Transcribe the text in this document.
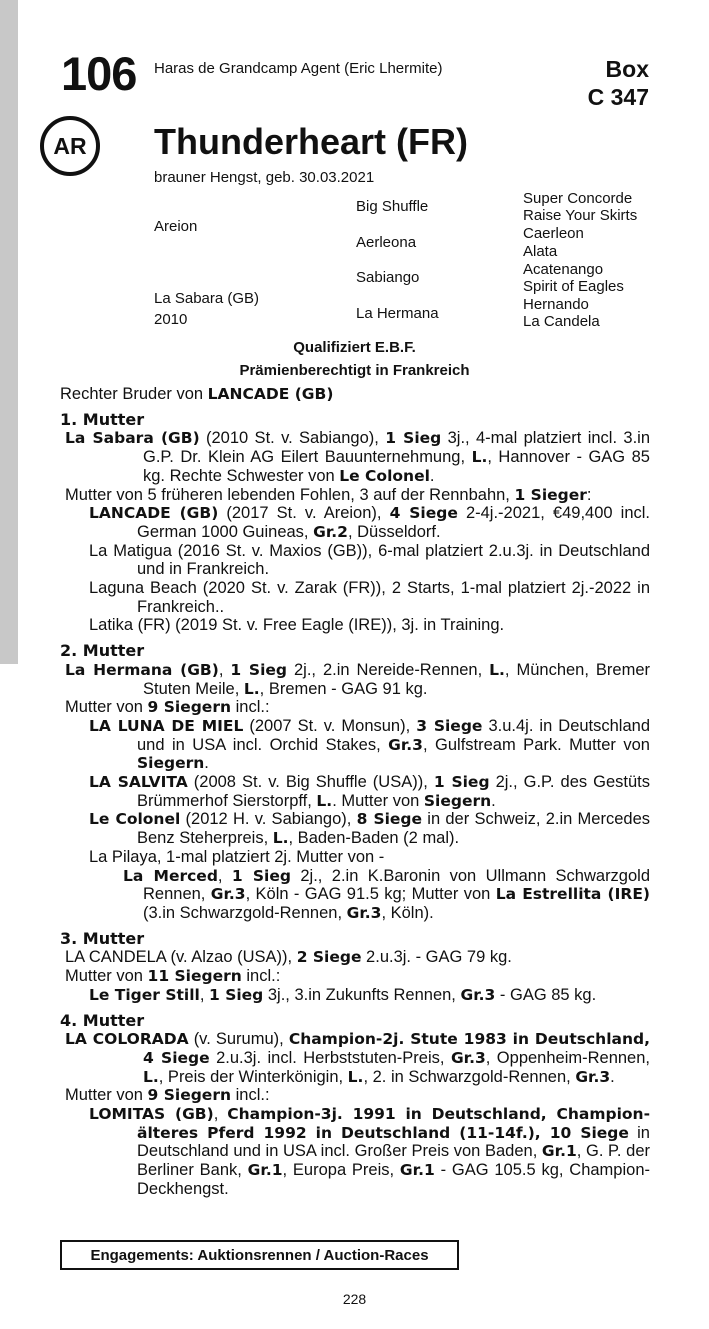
106 Haras de Grandcamp Agent (Eric Lhermite)	Box
C 347
AR	Thunderheart (FR)
brauner Hengst, geb. 30.03.2021
Areion
La Sabara (GB)
2010
Big Shuffle
Aerleona
Sabiango
La Hermana
Super Concorde
Raise Your Skirts
Caerleon
Alata
Acatenango
Spirit of Eagles
Hernando
La Candela
Qualifiziert E.B.F.
Prämienberechtigt in Frankreich

Rechter Bruder von LANCADE (GB)

1. Mutter

La Sabara (GB) (2010 St. v. Sabiango), 1 Sieg 3j., 4-mal platziert incl. 3.in G.P. Dr. Klein AG Eilert Bauunternehmung, L., Hannover - GAG 85 kg. Rechte Schwester von Le Colonel.

Mutter von 5 früheren lebenden Fohlen, 3 auf der Rennbahn, 1 Sieger:

LANCADE (GB) (2017 St. v. Areion), 4 Siege 2-4j.-2021, €49,400 incl. German 1000 Guineas, Gr.2, Düsseldorf.

La Matigua (2016 St. v. Maxios (GB)), 6-mal platziert 2.u.3j. in Deutschland und in Frankreich.

Laguna Beach (2020 St. v. Zarak (FR)), 2 Starts, 1-mal platziert 2j.-2022 in Frankreich..

Latika (FR) (2019 St. v. Free Eagle (IRE)), 3j. in Training.

2. Mutter

La Hermana (GB), 1 Sieg 2j., 2.in Nereide-Rennen, L., München, Bremer Stuten Meile, L., Bremen - GAG 91 kg.

Mutter von 9 Siegern incl.:

LA LUNA DE MIEL (2007 St. v. Monsun), 3 Siege 3.u.4j. in Deutschland und in USA incl. Orchid Stakes, Gr.3, Gulfstream Park. Mutter von Siegern.

LA SALVITA (2008 St. v. Big Shuffle (USA)), 1 Sieg 2j., G.P. des Gestüts Brümmerhof Sierstorpff, L.. Mutter von Siegern.

Le Colonel (2012 H. v. Sabiango), 8 Siege in der Schweiz, 2.in Mercedes Benz Steherpreis, L., Baden-Baden (2 mal).

La Pilaya, 1-mal platziert 2j. Mutter von -

La Merced, 1 Sieg 2j., 2.in K.Baronin von Ullmann Schwarzgold Rennen, Gr.3, Köln - GAG 91.5 kg; Mutter von La Estrellita (IRE) (3.in Schwarzgold-Rennen, Gr.3, Köln).

3. Mutter

LA CANDELA (v. Alzao (USA)), 2 Siege 2.u.3j. - GAG 79 kg.

Mutter von 11 Siegern incl.:

Le Tiger Still, 1 Sieg 3j., 3.in Zukunfts Rennen, Gr.3 - GAG 85 kg.

4. Mutter

LA COLORADA (v. Surumu), Champion-2j. Stute 1983 in Deutschland, 4 Siege 2.u.3j. incl. Herbststuten-Preis, Gr.3, Oppenheim-Rennen, L., Preis der Winterkönigin, L., 2. in Schwarzgold-Rennen, Gr.3.

Mutter von 9 Siegern incl.:

LOMITAS (GB), Champion-3j. 1991 in Deutschland, Champion-älteres Pferd 1992 in Deutschland (11-14f.), 10 Siege in Deutschland und in USA incl. Großer Preis von Baden, Gr.1, G. P. der Berliner Bank, Gr.1, Europa Preis, Gr.1 - GAG 105.5 kg, Champion-Deckhengst.

Engagements: Auktionsrennen / Auction-Races
228
